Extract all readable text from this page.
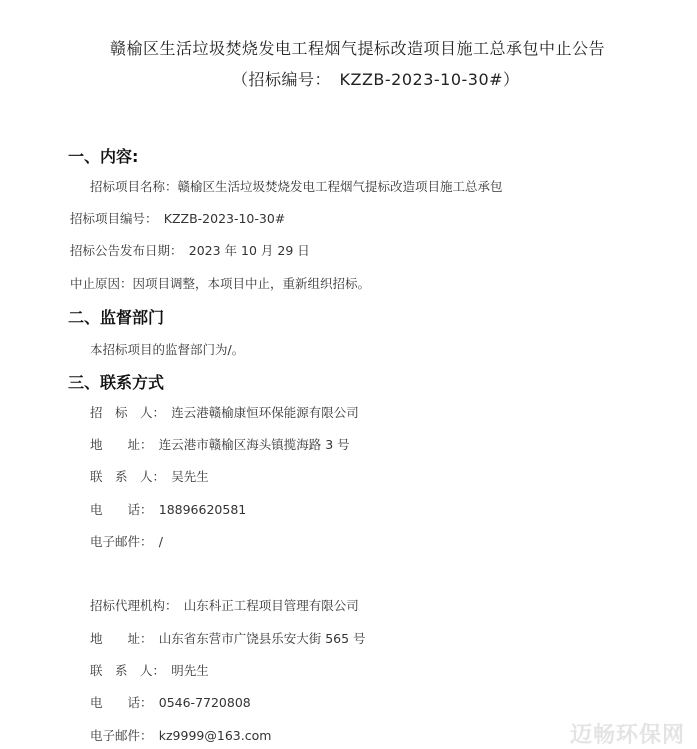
赣榆区生活垃圾焚烧发电工程烟气提标改造项目施工总承包中止公告
（招标编号：　KZZB-2023-10-30#）
一、内容:
招标项目名称：赣榆区生活垃圾焚烧发电工程烟气提标改造项目施工总承包
招标项目编号：　KZZB-2023-10-30#
招标公告发布日期：　2023 年 10 月 29 日
中止原因：因项目调整，本项目中止，重新组织招标。
二、监督部门
本招标项目的监督部门为/。
三、联系方式
招　标　人：　连云港赣榆康恒环保能源有限公司
地　　址：　连云港市赣榆区海头镇揽海路 3 号
联　系　人：　吴先生
电　　话：　18896620581
电子邮件：　/
招标代理机构：　山东科正工程项目管理有限公司
地　　址：　山东省东营市广饶县乐安大街 565 号
联　系　人：　明先生
电　　话：　0546-7720808
电子邮件：　kz9999@163.com	迈畅环保网
